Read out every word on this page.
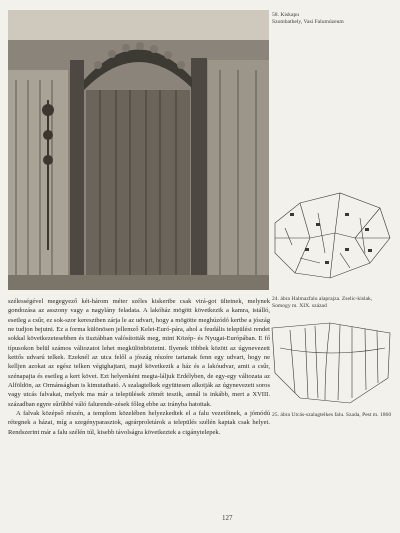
58. Kiskapu
Szombathely, Vasi Falumúzeum
24. ábra Halmazfalu alaprajza. Zselic-kislak, Somogy m. XIX. század
25. ábra Utcás-szalagtelkes falu. Szada, Pest m. 1860

szélességével megegyező két-három méter széles kiskertbe csak virá-got ültetnek, melynek gondozása az asszony vagy a nagylány feladata. A lakóház mögött következik a kamra, istálló, esetleg a csűr, ez sok-szor keresztben zárja le az udvart, hogy a mögötte meghúzódó kertbe a jószág ne tudjon bejutni. Ez a forma különösen jellemző Kelet-Euró-pára, ahol a feudális települési rendet sokkal következetesebben és tisztábban valósították meg, mint Közép- és Nyugat-Európában. E fő típusokon belül számos változatot lehet megkülönböztetni. Ilyenek többek között az úgynevezett kettős udvarú telkek. Ezeknél az utca felől a jószág részére tartanak fenn egy udvart, hogy ne kelljen azokat az egész telken végighajtani, majd következik a ház és a lakóudvar, amit a csűr, szénapajta és esetleg a kert követ. Ezt helyenként megta-láljuk Erdélyben, de egy-egy változata az Alföldön, az Ormánságban is kimutatható. A szalagtelkek együttesen alkotják az úgynevezett soros vagy utcás falvakat, melyek ma már a települések zömét teszik, annál is inkább, mert a XVIII. században egyre sűrűbbé váló falurende-zések főleg ebbe az irányba hatottak.

A falvak középső részén, a templom közelében helyezkedtek el a falu vezetőinek, a jómódú rétegnek a házai, míg a szegényparasztok, agrárproletárok a település szélén kaptak csak helyet. Rendszerint már a falu szélén túl, kisebb távolságra következtek a cigánytelepek.

127
